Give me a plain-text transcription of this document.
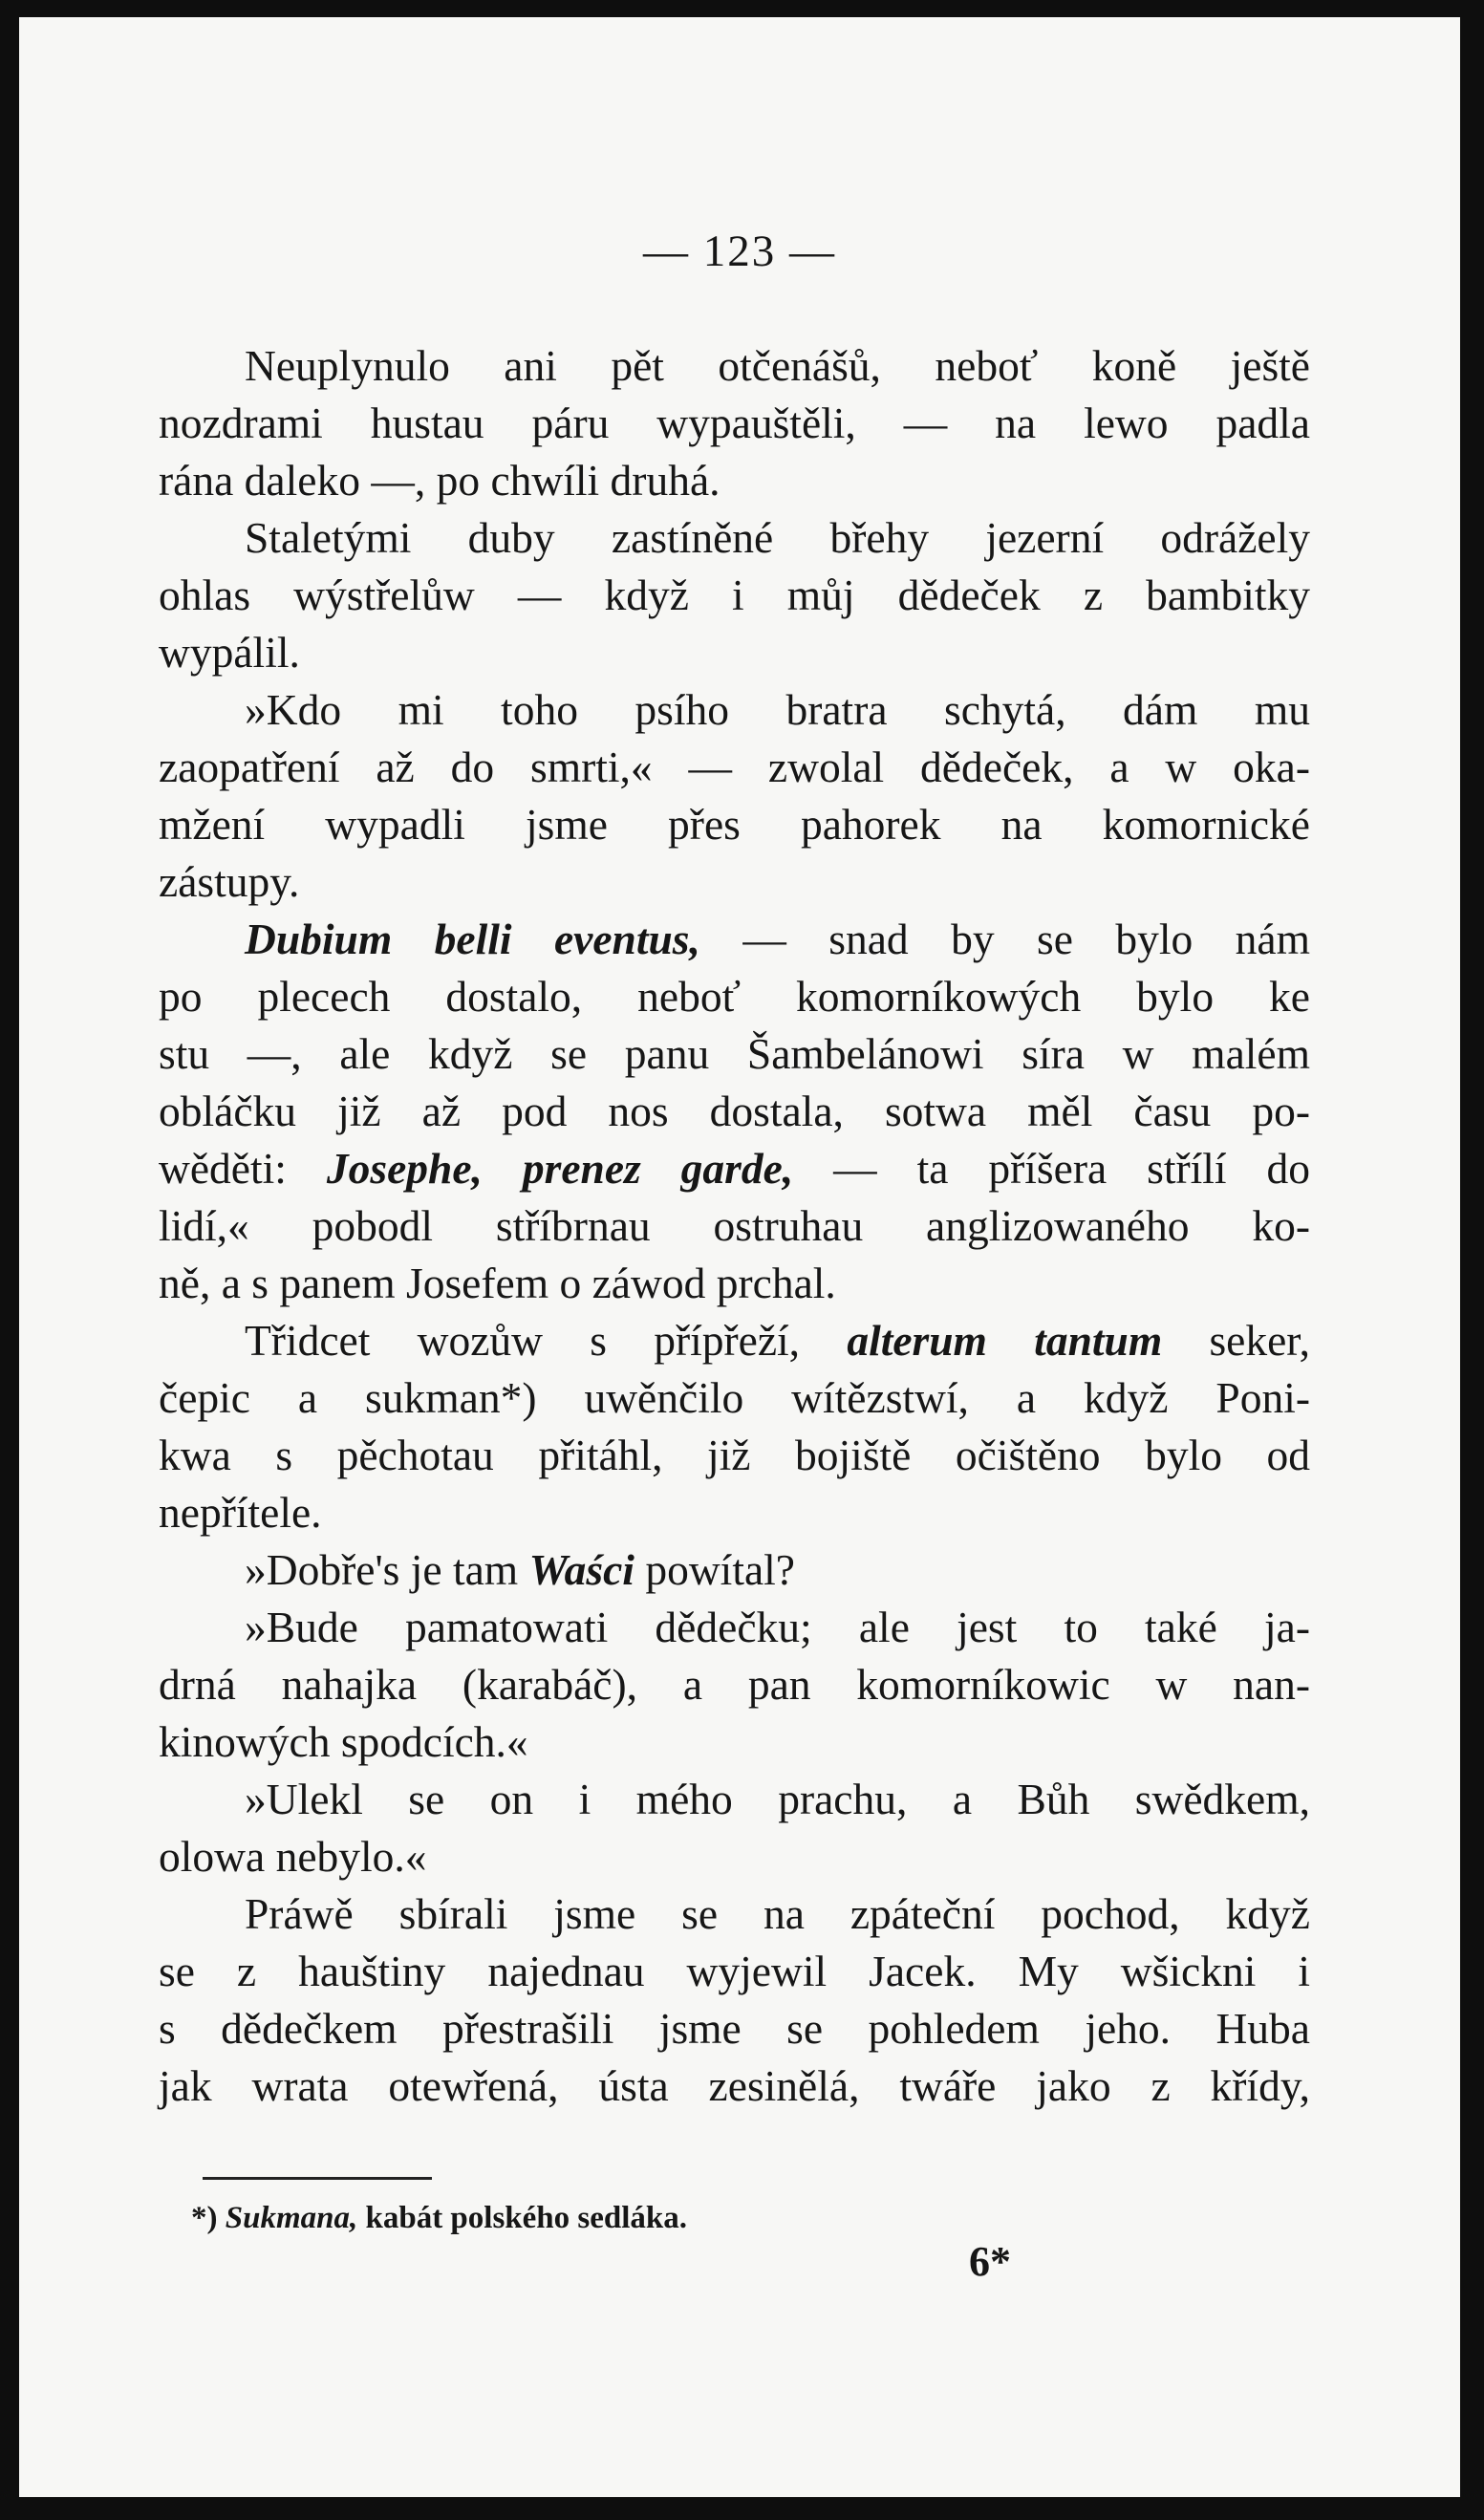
— 123 —
Neuplynulo ani pět otčenášů, neboť koně ještě
nozdrami hustau páru wypauštěli, — na lewo padla
rána daleko —, po chwíli druhá.
Staletými duby zastíněné břehy jezerní odrážely
ohlas wýstřelůw — když i můj dědeček z bambitky
wypálil.
»Kdo mi toho psího bratra schytá, dám mu
zaopatření až do smrti,« — zwolal dědeček, a w oka-
mžení wypadli jsme přes pahorek na komornické
zástupy.
Dubium belli eventus, — snad by se bylo nám
po plecech dostalo, neboť komorníkowých bylo ke
stu —, ale když se panu Šambelánowi síra w malém
obláčku již až pod nos dostala, sotwa měl času po-
wěděti: Josephe, prenez garde, — ta příšera střílí do
lidí,« pobodl stříbrnau ostruhau anglizowaného ko-
ně, a s panem Josefem o záwod prchal.
Třidcet wozůw s přípřeží, alterum tantum seker,
čepic a sukman*) uwěnčilo wítězstwí, a když Poni-
kwa s pěchotau přitáhl, již bojiště očištěno bylo od
nepřítele.
»Dobře's je tam Waści powítal?
»Bude pamatowati dědečku; ale jest to také ja-
drná nahajka (karabáč), a pan komorníkowic w nan-
kinowých spodcích.«
»Ulekl se on i mého prachu, a Bůh swědkem,
olowa nebylo.«
Práwě sbírali jsme se na zpáteční pochod, když
se z hauštiny najednau wyjewil Jacek. My wšickni i
s dědečkem přestrašili jsme se pohledem jeho. Huba
jak wrata otewřená, ústa zesinělá, twáře jako z křídy,
*) Sukmana, kabát polského sedláka.
6*
